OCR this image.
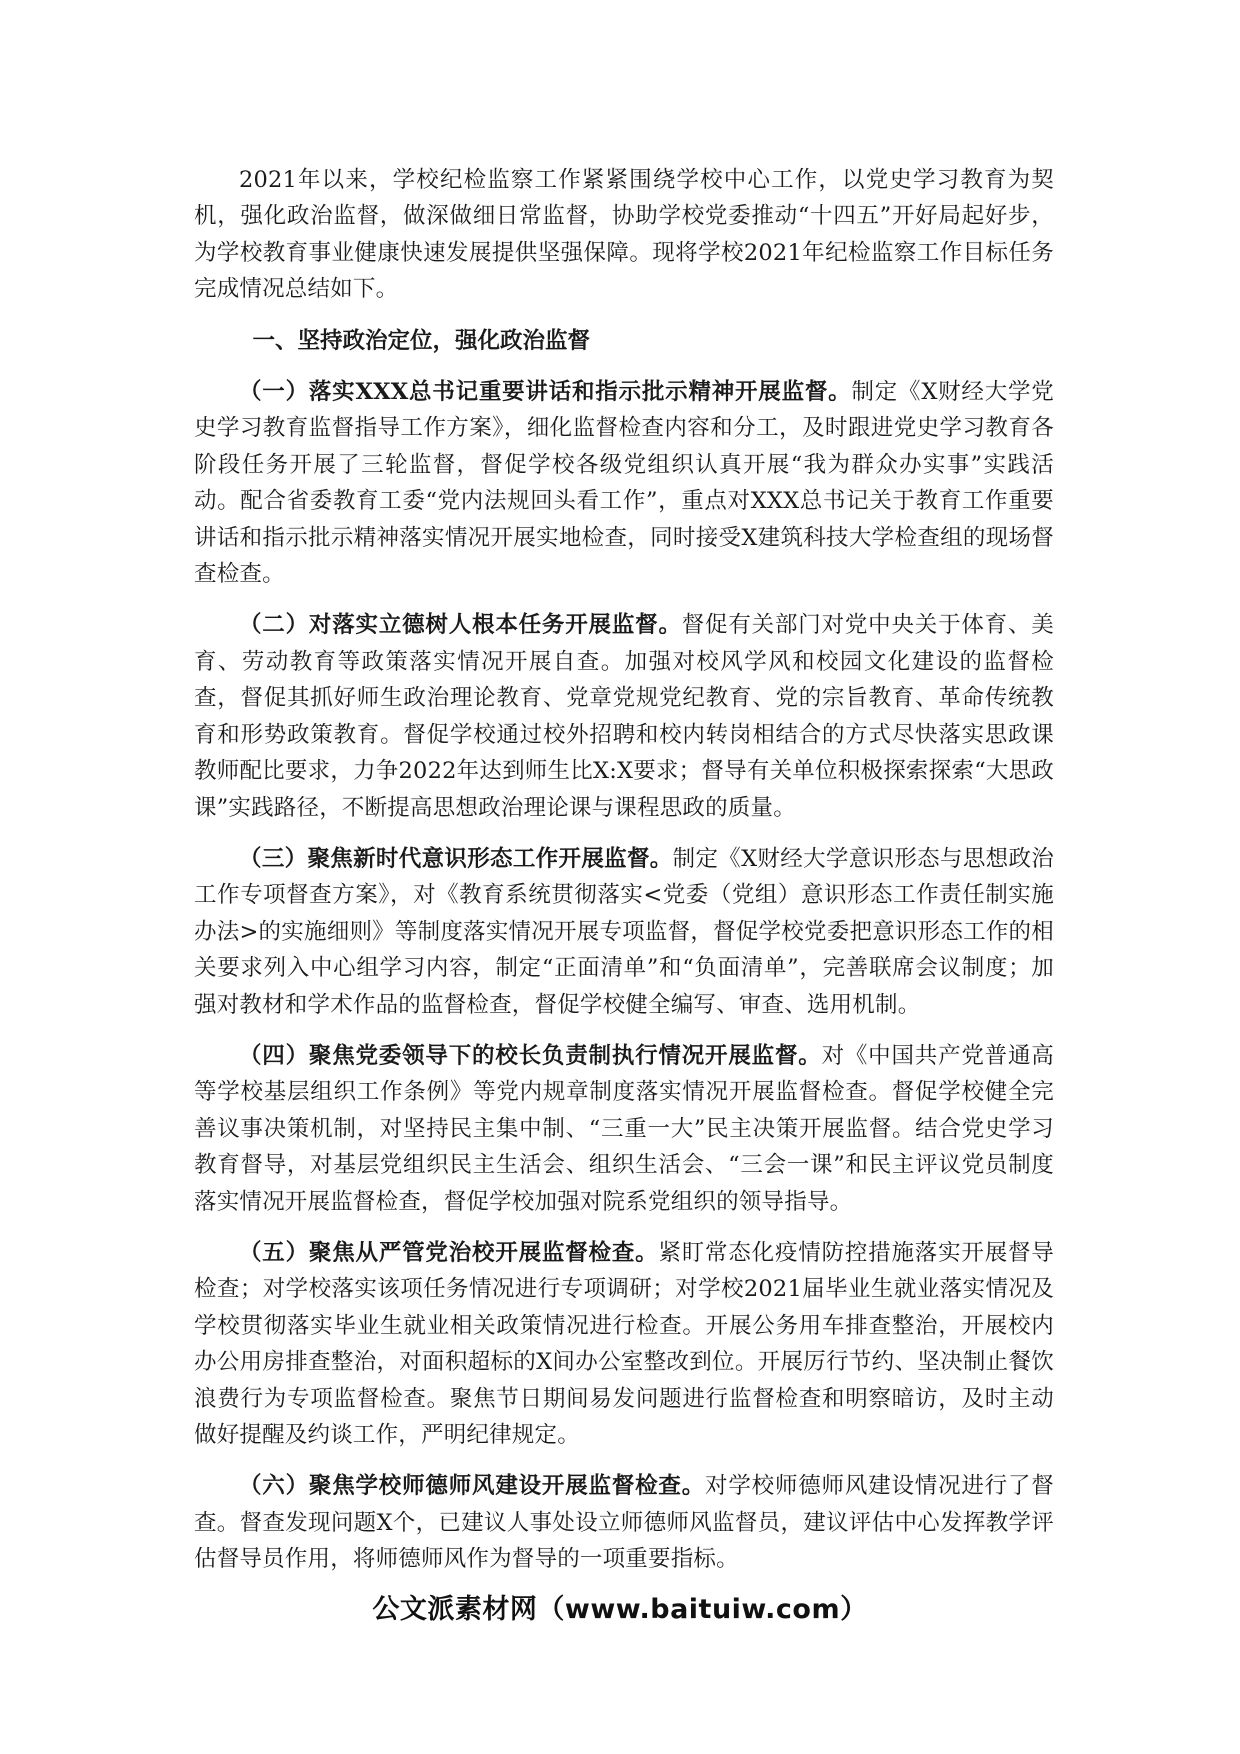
2021年以来，学校纪检监察工作紧紧围绕学校中心工作，以党史学习教育为契机，强化政治监督，做深做细日常监督，协助学校党委推动“十四五”开好局起好步，为学校教育事业健康快速发展提供坚强保障。现将学校2021年纪检监察工作目标任务完成情况总结如下。

一、坚持政治定位，强化政治监督

（一）落实XXX总书记重要讲话和指示批示精神开展监督。制定《X财经大学党史学习教育监督指导工作方案》，细化监督检查内容和分工，及时跟进党史学习教育各阶段任务开展了三轮监督，督促学校各级党组织认真开展“我为群众办实事”实践活动。配合省委教育工委“党内法规回头看工作”，重点对XXX总书记关于教育工作重要讲话和指示批示精神落实情况开展实地检查，同时接受X建筑科技大学检查组的现场督查检查。

（二）对落实立德树人根本任务开展监督。督促有关部门对党中央关于体育、美育、劳动教育等政策落实情况开展自查。加强对校风学风和校园文化建设的监督检查，督促其抓好师生政治理论教育、党章党规党纪教育、党的宗旨教育、革命传统教育和形势政策教育。督促学校通过校外招聘和校内转岗相结合的方式尽快落实思政课教师配比要求，力争2022年达到师生比X:X要求；督导有关单位积极探索探索“大思政课”实践路径，不断提高思想政治理论课与课程思政的质量。

（三）聚焦新时代意识形态工作开展监督。制定《X财经大学意识形态与思想政治工作专项督查方案》，对《教育系统贯彻落实<党委（党组）意识形态工作责任制实施办法>的实施细则》等制度落实情况开展专项监督，督促学校党委把意识形态工作的相关要求列入中心组学习内容，制定“正面清单”和“负面清单”，完善联席会议制度；加强对教材和学术作品的监督检查，督促学校健全编写、审查、选用机制。

（四）聚焦党委领导下的校长负责制执行情况开展监督。对《中国共产党普通高等学校基层组织工作条例》等党内规章制度落实情况开展监督检查。督促学校健全完善议事决策机制，对坚持民主集中制、“三重一大”民主决策开展监督。结合党史学习教育督导，对基层党组织民主生活会、组织生活会、“三会一课”和民主评议党员制度落实情况开展监督检查，督促学校加强对院系党组织的领导指导。

（五）聚焦从严管党治校开展监督检查。紧盯常态化疫情防控措施落实开展督导检查；对学校落实该项任务情况进行专项调研；对学校2021届毕业生就业落实情况及学校贯彻落实毕业生就业相关政策情况进行检查。开展公务用车排查整治，开展校内办公用房排查整治，对面积超标的X间办公室整改到位。开展厉行节约、坚决制止餐饮浪费行为专项监督检查。聚焦节日期间易发问题进行监督检查和明察暗访，及时主动做好提醒及约谈工作，严明纪律规定。

（六）聚焦学校师德师风建设开展监督检查。对学校师德师风建设情况进行了督查。督查发现问题X个，已建议人事处设立师德师风监督员，建议评估中心发挥教学评估督导员作用，将师德师风作为督导的一项重要指标。

公文派素材网（www.baituiw.com）
